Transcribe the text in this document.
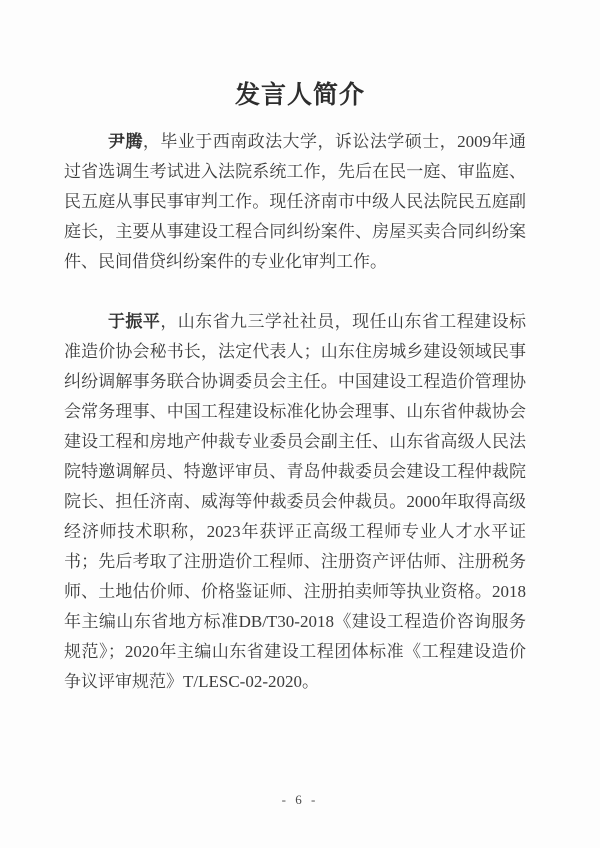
发言人简介

尹腾，毕业于西南政法大学，诉讼法学硕士，2009年通过省选调生考试进入法院系统工作，先后在民一庭、审监庭、民五庭从事民事审判工作。现任济南市中级人民法院民五庭副庭长，主要从事建设工程合同纠纷案件、房屋买卖合同纠纷案件、民间借贷纠纷案件的专业化审判工作。

于振平，山东省九三学社社员，现任山东省工程建设标准造价协会秘书长，法定代表人；山东住房城乡建设领域民事纠纷调解事务联合协调委员会主任。中国建设工程造价管理协会常务理事、中国工程建设标准化协会理事、山东省仲裁协会建设工程和房地产仲裁专业委员会副主任、山东省高级人民法院特邀调解员、特邀评审员、青岛仲裁委员会建设工程仲裁院院长、担任济南、威海等仲裁委员会仲裁员。2000年取得高级经济师技术职称，2023年获评正高级工程师专业人才水平证书；先后考取了注册造价工程师、注册资产评估师、注册税务师、土地估价师、价格鉴证师、注册拍卖师等执业资格。2018年主编山东省地方标准DB/T30-2018《建设工程造价咨询服务规范》；2020年主编山东省建设工程团体标准《工程建设造价争议评审规范》T/LESC-02-2020。

- 6 -
